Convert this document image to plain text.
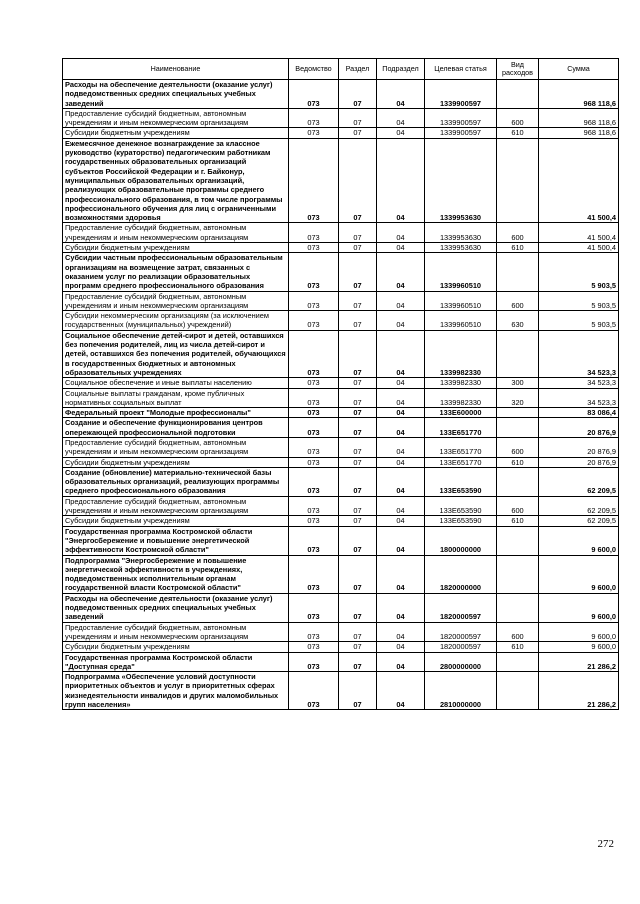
Наименование	Ведомство	Раздел	Подраздел	Целевая статья	Вид расходов	Сумма
Расходы на обеспечение деятельности (оказание услуг) подведомственных средних специальных учебных заведений	073	07	04	1339900597		968 118,6
Предоставление субсидий бюджетным, автономным учреждениям и иным некоммерческим организациям	073	07	04	1339900597	600	968 118,6
Субсидии бюджетным учреждениям	073	07	04	1339900597	610	968 118,6
Ежемесячное денежное вознаграждение за классное руководство (кураторство) педагогическим работникам государственных образовательных организаций субъектов Российской Федерации и г. Байконур, муниципальных образовательных организаций, реализующих образовательные программы среднего профессионального образования, в том числе программы профессионального обучения для лиц с ограниченными возможностями здоровья	073	07	04	1339953630		41 500,4
Предоставление субсидий бюджетным, автономным учреждениям и иным некоммерческим организациям	073	07	04	1339953630	600	41 500,4
Субсидии бюджетным учреждениям	073	07	04	1339953630	610	41 500,4
Субсидии частным профессиональным образовательным организациям на возмещение затрат, связанных с оказанием услуг по реализации образовательных программ среднего профессионального образования	073	07	04	1339960510		5 903,5
Предоставление субсидий бюджетным, автономным учреждениям и иным некоммерческим организациям	073	07	04	1339960510	600	5 903,5
Субсидии некоммерческим организациям (за исключением государственных (муниципальных) учреждений)	073	07	04	1339960510	630	5 903,5
Социальное обеспечение детей-сирот и детей, оставшихся без попечения родителей, лиц из числа детей-сирот и детей, оставшихся без попечения родителей, обучающихся в государственных бюджетных и автономных образовательных учреждениях	073	07	04	1339982330		34 523,3
Социальное обеспечение и иные выплаты населению	073	07	04	1339982330	300	34 523,3
Социальные выплаты гражданам, кроме публичных нормативных социальных выплат	073	07	04	1339982330	320	34 523,3
Федеральный проект "Молодые профессионалы"	073	07	04	133E600000		83 086,4
Создание и обеспечение функционирования центров опережающей профессиональной подготовки	073	07	04	133E651770		20 876,9
Предоставление субсидий бюджетным, автономным учреждениям и иным некоммерческим организациям	073	07	04	133E651770	600	20 876,9
Субсидии бюджетным учреждениям	073	07	04	133E651770	610	20 876,9
Создание (обновление) материально-технической базы образовательных организаций, реализующих программы среднего профессионального образования	073	07	04	133E653590		62 209,5
Предоставление субсидий бюджетным, автономным учреждениям и иным некоммерческим организациям	073	07	04	133E653590	600	62 209,5
Субсидии бюджетным учреждениям	073	07	04	133E653590	610	62 209,5
Государственная программа Костромской области "Энергосбережение и повышение энергетической эффективности Костромской области"	073	07	04	1800000000		9 600,0
Подпрограмма "Энергосбережение и повышение энергетической эффективности в учреждениях, подведомственных исполнительным органам государственной власти Костромской области"	073	07	04	1820000000		9 600,0
Расходы на обеспечение деятельности (оказание услуг) подведомственных средних специальных учебных заведений	073	07	04	1820000597		9 600,0
Предоставление субсидий бюджетным, автономным учреждениям и иным некоммерческим организациям	073	07	04	1820000597	600	9 600,0
Субсидии бюджетным учреждениям	073	07	04	1820000597	610	9 600,0
Государственная программа Костромской области "Доступная среда"	073	07	04	2800000000		21 286,2
Подпрограмма «Обеспечение условий доступности приоритетных объектов и услуг в приоритетных сферах жизнедеятельности инвалидов и других маломобильных групп населения»	073	07	04	2810000000		21 286,2
272
